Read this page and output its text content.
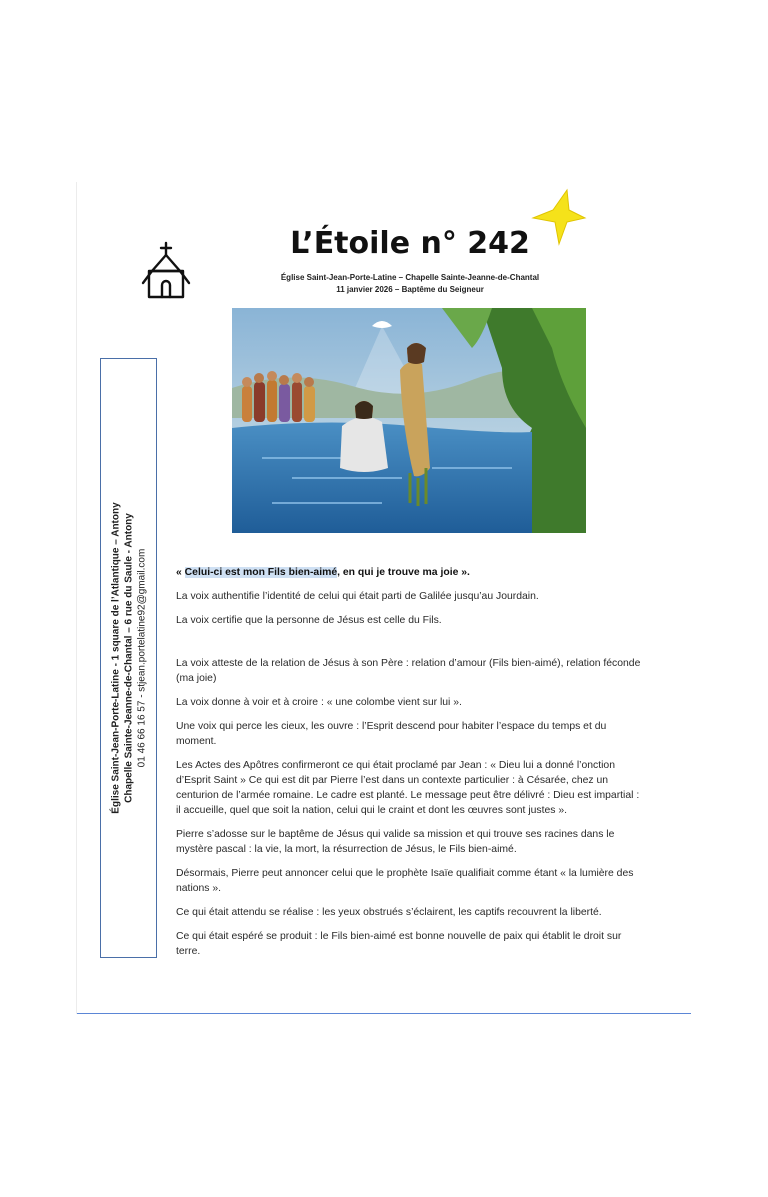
L’Étoile n° 242
Église Saint-Jean-Porte-Latine – Chapelle Sainte-Jeanne-de-Chantal
11 janvier 2026 – Baptême du Seigneur
Église Saint-Jean-Porte-Latine - 1 square de l’Atlantique – Antony Chapelle Sainte-Jeanne-de-Chantal – 6 rue du Saule - Antony 01 46 66 16 57 - stjean.portelatine92@gmail.com	« Celui-ci est mon Fils bien-aimé, en qui je trouve ma joie ».

La voix authentifie l’identité de celui qui était parti de Galilée jusqu’au Jourdain.

La voix certifie que la personne de Jésus est celle du Fils.

La voix atteste de la relation de Jésus à son Père : relation d’amour (Fils bien-aimé), relation féconde (ma joie)

La voix donne à voir et à croire : « une colombe vient sur lui ».

Une voix qui perce les cieux, les ouvre : l’Esprit descend pour habiter l’espace du temps et du moment.

Les Actes des Apôtres confirmeront ce qui était proclamé par Jean : « Dieu lui a donné l’onction d’Esprit Saint » Ce qui est dit par Pierre l’est dans un contexte particulier : à Césarée, chez un centurion de l’armée romaine. Le cadre est planté. Le message peut être délivré : Dieu est impartial : il accueille, quel que soit la nation, celui qui le craint et dont les œuvres sont justes ».

Pierre s’adosse sur le baptême de Jésus qui valide sa mission et qui trouve ses racines dans le mystère pascal : la vie, la mort, la résurrection de Jésus, le Fils bien-aimé.

Désormais, Pierre peut annoncer celui que le prophète Isaïe qualifiait comme étant « la lumière des nations ».

Ce qui était attendu se réalise : les yeux obstrués s’éclairent, les captifs recouvrent la liberté.

Ce qui était espéré se produit : le Fils bien-aimé est bonne nouvelle de paix qui établit le droit sur terre.
